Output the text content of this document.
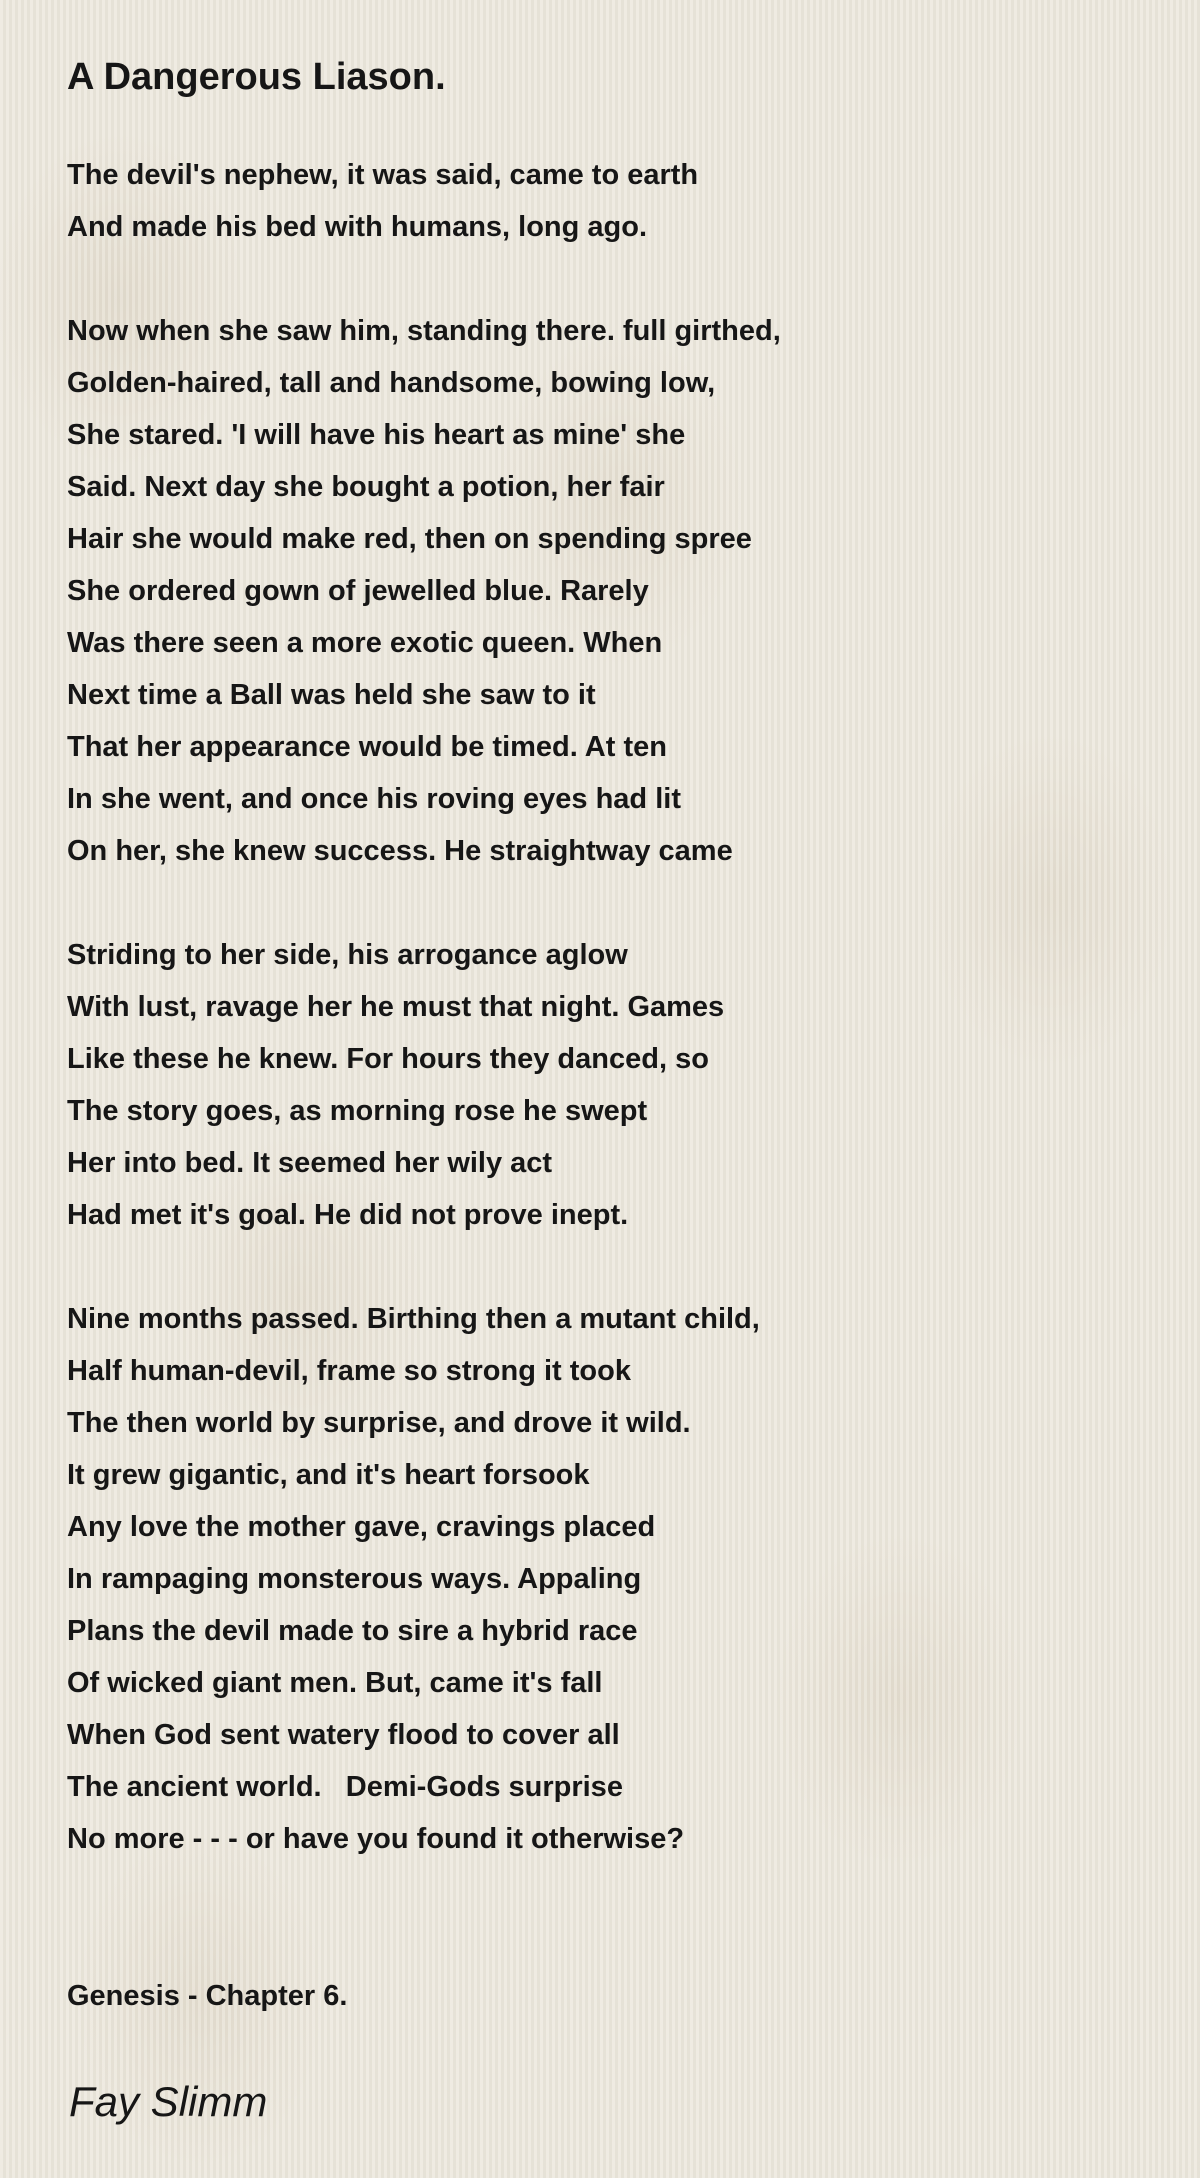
A Dangerous Liason.
The devil's nephew, it was said, came to earth
And made his bed with humans, long ago.
Now when she saw him, standing there. full girthed,
Golden-haired, tall and handsome, bowing low,
She stared. 'I will have his heart as mine' she
Said. Next day she bought a potion, her fair
Hair she would make red, then on spending spree
She ordered gown of jewelled blue. Rarely
Was there seen a more exotic queen. When
Next time a Ball was held she saw to it
That her appearance would be timed. At ten
In she went, and once his roving eyes had lit
On her, she knew success. He straightway came
Striding to her side, his arrogance aglow
With lust, ravage her he must that night. Games
Like these he knew. For hours they danced, so
The story goes, as morning rose he swept
Her into bed. It seemed her wily act
Had met it's goal. He did not prove inept.
Nine months passed. Birthing then a mutant child,
Half human-devil, frame so strong it took
The then world by surprise, and drove it wild.
It grew gigantic, and it's heart forsook
Any love the mother gave, cravings placed
In rampaging monsterous ways. Appaling
Plans the devil made to sire a hybrid race
Of wicked giant men. But, came it's fall
When God sent watery flood to cover all
The ancient world.   Demi-Gods surprise
No more - - - or have you found it otherwise?
Genesis - Chapter 6.
Fay Slimm
